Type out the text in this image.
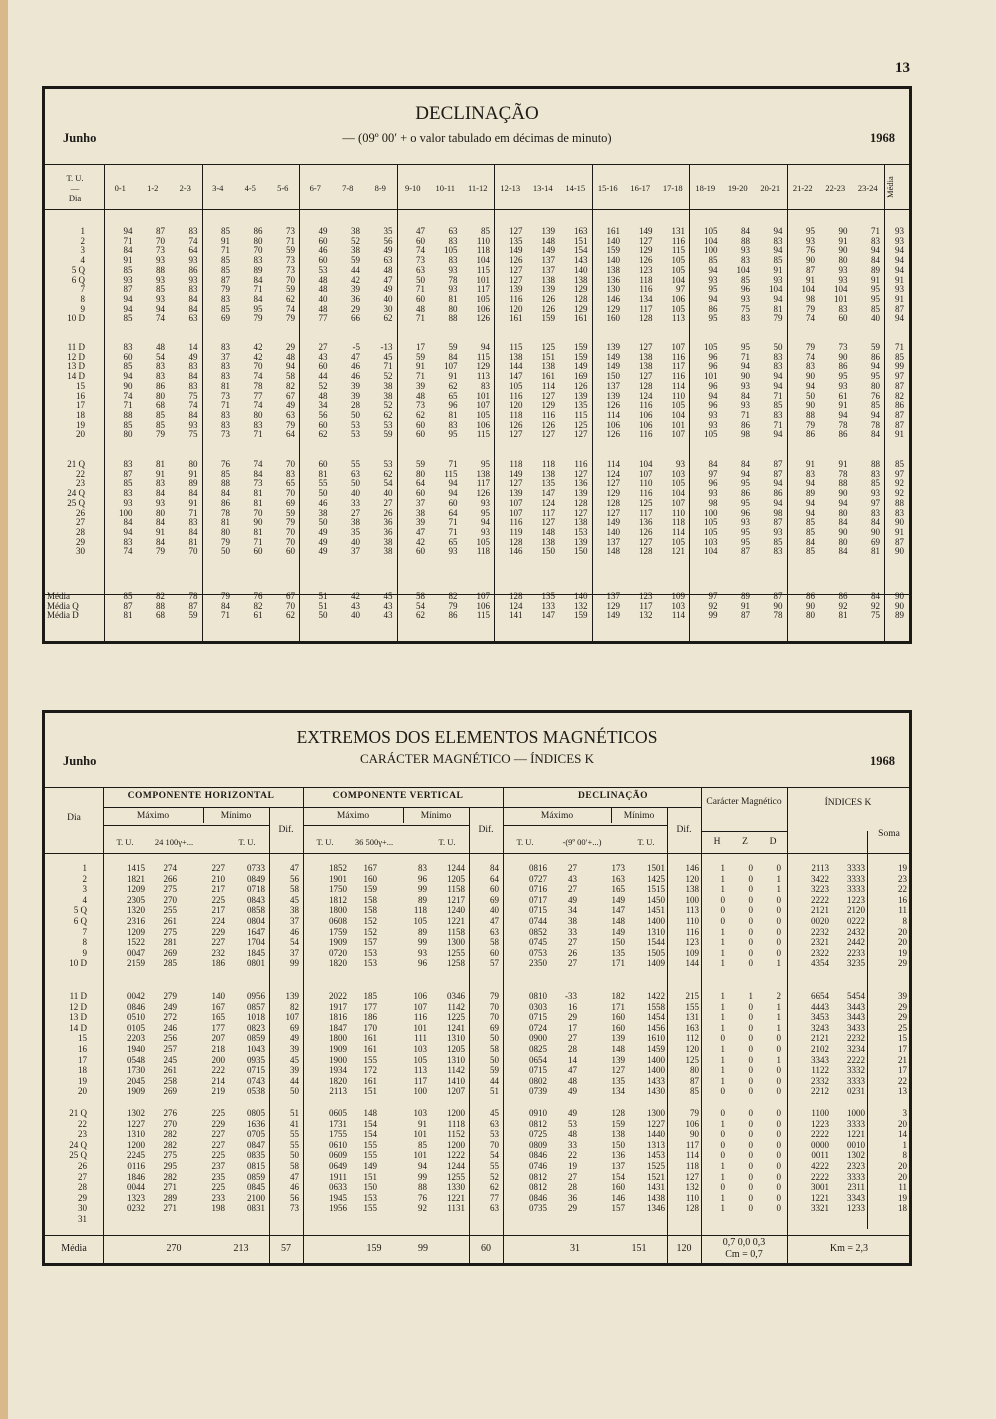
13
DECLINAÇÃO
Junho	— (09º 00′ + o valor tabulado em décimas de minuto)	1968
T. U.
—
Dia
Média
0-1	1-2	2-3	3-4	4-5	5-6	6-7	7-8	8-9	9-10	10-11	11-12	12-13	13-14	14-15	15-16	16-17	17-18	18-19	19-20	20-21	21-22	22-23	23-24
1	94	87	83	85	86	73	49	38	35	47	63	85	127	139	163	161	149	131	105	84	94	95	90	71	93
2	71	70	74	91	80	71	60	52	56	60	83	110	135	148	151	140	127	116	104	88	83	93	91	83	93
3	84	73	64	71	70	59	46	38	49	74	105	118	149	149	154	159	129	115	100	93	94	76	90	94	94
4	91	93	93	85	83	73	60	59	63	73	83	104	126	137	143	140	126	105	85	83	85	90	80	84	94
5 Q	85	88	86	85	89	73	53	44	48	63	93	115	127	137	140	138	123	105	94	104	91	87	93	89	94
6 Q	93	93	93	87	84	70	48	42	47	50	78	101	127	138	138	136	118	104	93	85	93	91	93	91	91
7	87	85	83	79	71	59	48	39	49	71	93	117	139	139	129	130	116	97	95	96	104	104	104	95	93
8	94	93	84	83	84	62	40	36	40	60	81	105	116	126	128	146	134	106	94	93	94	98	101	95	91
9	94	94	84	85	95	74	48	29	30	48	80	106	120	126	129	129	117	105	86	75	81	79	83	85	87
10 D	85	74	63	69	79	79	77	66	62	71	88	126	161	159	161	160	128	113	95	83	79	74	60	40	94
11 D	83	48	14	83	42	29	27	-5	-13	17	59	94	115	125	159	139	127	107	105	95	50	79	73	59	71
12 D	60	54	49	37	42	48	43	47	45	59	84	115	138	151	159	149	138	116	96	71	83	74	90	86	85
13 D	85	83	83	83	70	94	60	46	71	91	107	129	144	138	149	149	138	117	96	94	83	83	86	94	99
14 D	94	83	84	83	74	58	44	46	52	71	91	113	147	161	169	150	127	116	101	90	94	90	95	95	97
15	90	86	83	81	78	82	52	39	38	39	62	83	105	114	126	137	128	114	96	93	94	94	93	80	87
16	74	80	75	73	77	67	48	39	38	48	65	101	116	127	139	139	124	110	94	84	71	50	61	76	82
17	71	68	74	71	74	49	34	28	52	73	96	107	120	129	135	126	116	105	96	93	85	90	91	85	86
18	88	85	84	83	80	63	56	50	62	62	81	105	118	116	115	114	106	104	93	71	83	88	94	94	87
19	85	85	93	83	83	79	60	53	53	60	83	106	126	126	125	106	106	101	93	86	71	79	78	78	87
20	80	79	75	73	71	64	62	53	59	60	95	115	127	127	127	126	116	107	105	98	94	86	86	84	91
21 Q	83	81	80	76	74	70	60	55	53	59	71	95	118	118	116	114	104	93	84	84	87	91	91	88	85
22	87	91	91	85	84	83	81	63	62	80	115	138	149	138	127	124	107	103	97	94	87	83	78	83	97
23	85	83	89	88	73	65	55	50	54	64	94	117	127	135	136	127	110	105	96	95	94	94	88	85	92
24 Q	83	84	84	84	81	70	50	40	40	60	94	126	139	147	139	129	116	104	93	86	86	89	90	93	92
25 Q	93	93	91	86	81	69	46	33	27	37	60	93	107	124	128	128	125	107	98	95	94	94	94	97	88
26	100	80	71	78	70	59	38	27	26	38	64	95	107	117	127	127	117	110	100	96	98	94	80	83	83
27	84	84	83	81	90	79	50	38	36	39	71	94	116	127	138	149	136	118	105	93	87	85	84	84	90
28	94	91	84	80	81	70	49	35	36	47	71	93	119	148	153	140	126	114	105	95	93	85	90	90	91
29	83	84	81	79	71	70	49	40	38	42	65	105	128	138	139	137	127	105	103	95	85	84	80	69	87
30	74	79	70	50	60	60	49	37	38	60	93	118	146	150	150	148	128	121	104	87	83	85	84	81	90
Média	85	82	78	79	76	67	51	42	45	58	82	107	128	135	140	137	123	109	97	89	87	86	86	84	90
Média Q	87	88	87	84	82	70	51	43	43	54	79	106	124	133	132	129	117	103	92	91	90	90	92	92	90
Média D	81	68	59	71	61	62	50	40	43	62	86	115	141	147	159	149	132	114	99	87	78	80	81	75	89
EXTREMOS DOS ELEMENTOS MAGNÉTICOS
CARÁCTER MAGNÉTICO — ÍNDICES K
Junho	1968
COMPONENTE HORIZONTAL	COMPONENTE VERTICAL	DECLINAÇÃO
Carácter Magnético	ÍNDICES K
Dia
Soma
Máximo	Mínimo
Dif.
Máximo	Mínimo
Dif.
Máximo	Mínimo
Dif.
T. U.	24 100γ+...	T. U.	T. U.	36 500γ+...	T. U.	T. U.	-(9º 00′+...)	T. U.	H	Z	D
1	1415	274	227	0733	47	1852	167	83	1244	84	0816	27	173	1501	146	1	0	0	2113	3333	19
2	1821	266	210	0849	56	1901	160	96	1205	64	0727	43	163	1425	120	1	0	1	3422	3333	23
3	1209	275	217	0718	58	1750	159	99	1158	60	0716	27	165	1515	138	1	0	1	3223	3333	22
4	2305	270	225	0843	45	1812	158	89	1217	69	0717	49	149	1450	100	0	0	0	2222	1223	16
5 Q	1320	255	217	0858	38	1800	158	118	1240	40	0715	34	147	1451	113	0	0	0	2121	2120	11
6 Q	2316	261	224	0804	37	0608	152	105	1221	47	0744	38	148	1400	110	0	0	0	0020	0222	8
7	1209	275	229	1647	46	1759	152	89	1158	63	0852	33	149	1310	116	1	0	0	2232	2432	20
8	1522	281	227	1704	54	1909	157	99	1300	58	0745	27	150	1544	123	1	0	0	2321	2442	20
9	0047	269	232	1845	37	0720	153	93	1255	60	0753	26	135	1505	109	1	0	0	2322	2233	19
10 D	2159	285	186	0801	99	1820	153	96	1258	57	2350	27	171	1409	144	1	0	1	4354	3235	29
11 D	0042	279	140	0956	139	2022	185	106	0346	79	0810	-33	182	1422	215	1	1	2	6654	5454	39
12 D	0846	249	167	0857	82	1917	177	107	1142	70	0303	16	171	1558	155	1	0	1	4443	3443	29
13 D	0510	272	165	1018	107	1816	186	116	1225	70	0715	29	160	1454	131	1	0	1	3453	3443	29
14 D	0105	246	177	0823	69	1847	170	101	1241	69	0724	17	160	1456	163	1	0	1	3243	3433	25
15	2203	256	207	0859	49	1800	161	111	1310	50	0900	27	139	1610	112	0	0	0	2121	2232	15
16	1940	257	218	1043	39	1909	161	103	1205	58	0825	28	148	1459	120	1	0	0	2102	3234	17
17	0548	245	200	0935	45	1900	155	105	1310	50	0654	14	139	1400	125	1	0	1	3343	2222	21
18	1730	261	222	0715	39	1934	172	113	1142	59	0715	47	127	1400	80	1	0	0	1122	3332	17
19	2045	258	214	0743	44	1820	161	117	1410	44	0802	48	135	1433	87	1	0	0	2332	3333	22
20	1909	269	219	0538	50	2113	151	100	1207	51	0739	49	134	1430	85	0	0	0	2212	0231	13
21 Q	1302	276	225	0805	51	0605	148	103	1200	45	0910	49	128	1300	79	0	0	0	1100	1000	3
22	1227	270	229	1636	41	1731	154	91	1118	63	0812	53	159	1227	106	1	0	0	1223	3333	20
23	1310	282	227	0705	55	1755	154	101	1152	53	0725	48	138	1440	90	0	0	0	2222	1221	14
24 Q	1200	282	227	0847	55	0610	155	85	1200	70	0809	33	150	1313	117	0	0	0	0000	0010	1
25 Q	2245	275	225	0835	50	0609	155	101	1222	54	0846	22	136	1453	114	0	0	0	0011	1302	8
26	0116	295	237	0815	58	0649	149	94	1244	55	0746	19	137	1525	118	1	0	0	4222	2323	20
27	1846	282	235	0859	47	1911	151	99	1255	52	0812	27	154	1521	127	1	0	0	2222	3333	20
28	0044	271	225	0845	46	0633	150	88	1330	62	0812	28	160	1431	132	0	0	0	3001	2311	11
29	1323	289	233	2100	56	1945	153	76	1221	77	0846	36	146	1438	110	1	0	0	1221	3343	19
30	0232	271	198	0831	73	1956	155	92	1131	63	0735	29	157	1346	128	1	0	0	3321	1233	18
31
Média	270	213	57	159	99	60	31	151	120
0,7 0,0 0,3
Cm = 0,7
Km = 2,3
